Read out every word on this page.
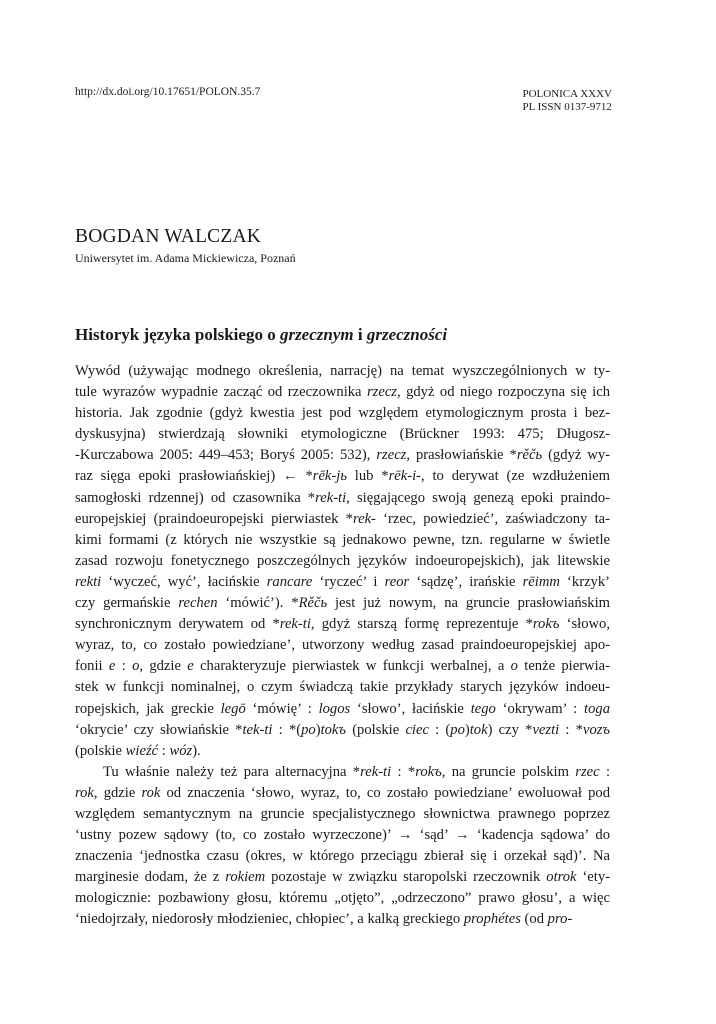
http://dx.doi.org/10.17651/POLON.35.7	POLONICA XXXV
PL ISSN 0137-9712
BOGDAN WALCZAK
Uniwersytet im. Adama Mickiewicza, Poznań
Historyk języka polskiego o grzecznym i grzeczności
Wywód (używając modnego określenia, narrację) na temat wyszczególnionych w ty-
tule wyrazów wypadnie zacząć od rzeczownika rzecz, gdyż od niego rozpoczyna się ich
historia. Jak zgodnie (gdyż kwestia jest pod względem etymologicznym prosta i bez-
dyskusyjna) stwierdzają słowniki etymologiczne (Brückner 1993: 475; Długosz-
-Kurczabowa 2005: 449–453; Boryś 2005: 532), rzecz, prasłowiańskie *rěčь (gdyż wy-
raz sięga epoki prasłowiańskiej) ← *rēk-jь lub *rēk-i-, to derywat (ze wzdłużeniem
samogłoski rdzennej) od czasownika *rek-ti, sięgającego swoją genezą epoki praindo-
europejskiej (praindoeuropejski pierwiastek *rek- ‘rzec, powiedzieć’, zaświadczony ta-
kimi formami (z których nie wszystkie są jednakowo pewne, tzn. regularne w świetle
zasad rozwoju fonetycznego poszczególnych języków indoeuropejskich), jak litewskie
rekti ‘wyczeć, wyć’, łacińskie rancare ‘ryczeć’ i reor ‘sądzę’, irańskie rēimm ‘krzyk’
czy germańskie rechen ‘mówić’). *Rěčь jest już nowym, na gruncie prasłowiańskim
synchronicznym derywatem od *rek-ti, gdyż starszą formę reprezentuje *rokъ ‘słowo,
wyraz, to, co zostało powiedziane’, utworzony według zasad praindoeuropejskiej apo-
fonii e : o, gdzie e charakteryzuje pierwiastek w funkcji werbalnej, a o tenże pierwia-
stek w funkcji nominalnej, o czym świadczą takie przykłady starych języków indoeu-
ropejskich, jak greckie legō ‘mówię’ : logos ‘słowo’, łacińskie tego ‘okrywam’ : toga
‘okrycie’ czy słowiańskie *tek-ti : *(po)tokъ (polskie ciec : (po)tok) czy *vezti : *vozъ
(polskie wieźć : wóz).
Tu właśnie należy też para alternacyjna *rek-ti : *rokъ, na gruncie polskim rzec :
rok, gdzie rok od znaczenia ‘słowo, wyraz, to, co zostało powiedziane’ ewoluował pod
względem semantycznym na gruncie specjalistycznego słownictwa prawnego poprzez
‘ustny pozew sądowy (to, co zostało wyrzeczone)’ → ‘sąd’ → ‘kadencja sądowa’ do
znaczenia ‘jednostka czasu (okres, w którego przeciągu zbierał się i orzekał sąd)’. Na
marginesie dodam, że z rokiem pozostaje w związku staropolski rzeczownik otrok ‘ety-
mologicznie: pozbawiony głosu, któremu „otjęto”, „odrzeczono” prawo głosu’, a więc
‘niedojrzały, niedorosły młodzieniec, chłopiec’, a kalką greckiego prophétes (od pro-
